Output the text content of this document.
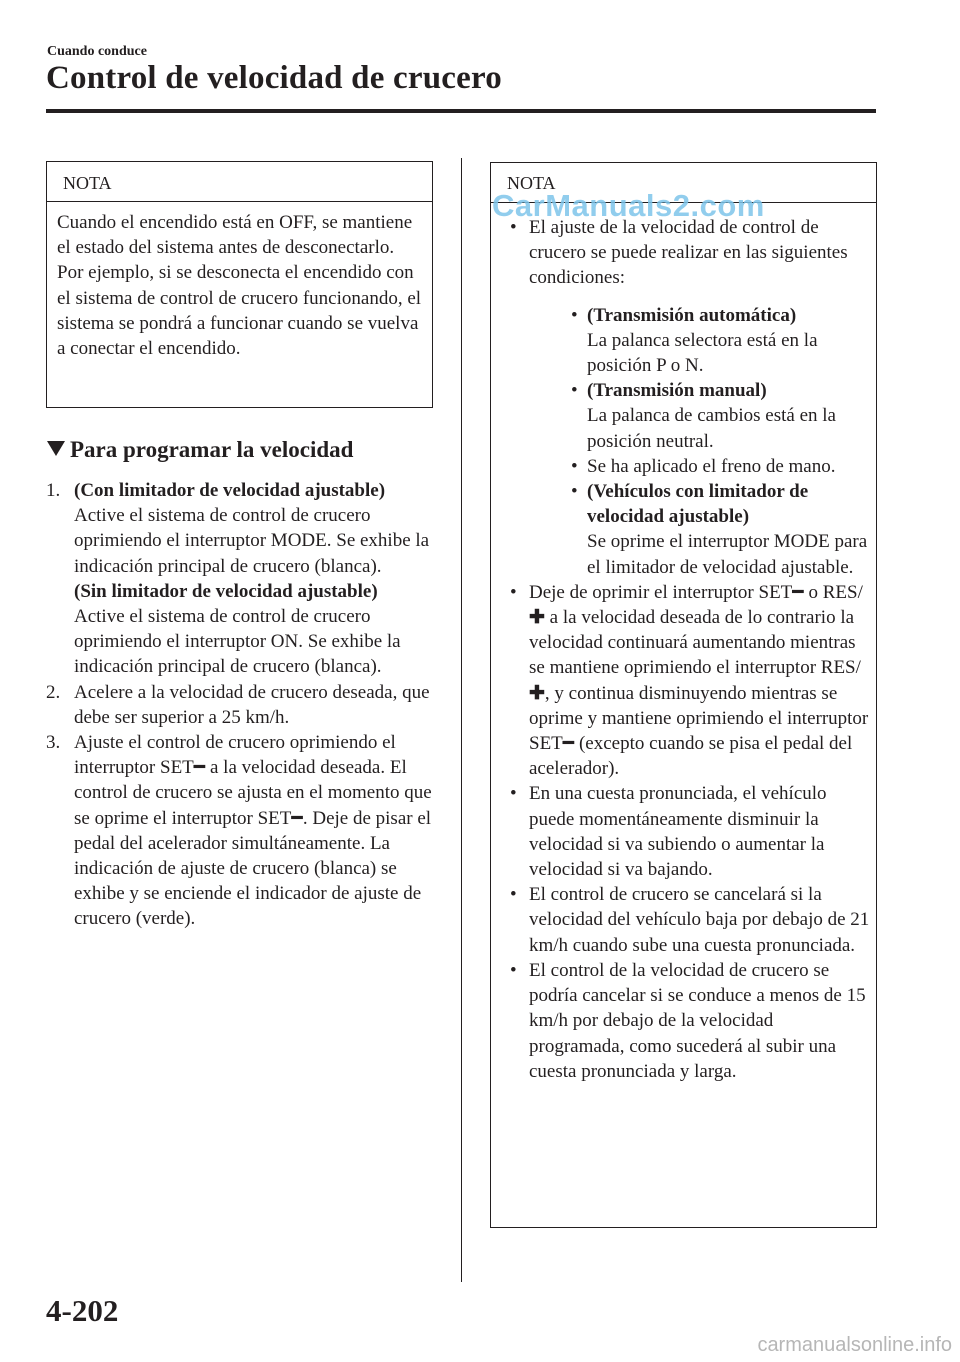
Cuando conduce
Control de velocidad de crucero
NOTA
Cuando el encendido está en OFF, se mantiene el estado del sistema antes de desconectarlo. Por ejemplo, si se desconecta el encendido con el sistema de control de crucero funcionando, el sistema se pondrá a funcionar cuando se vuelva a conectar el encendido.
Para programar la velocidad
1. (Con limitador de velocidad ajustable)
Active el sistema de control de crucero oprimiendo el interruptor MODE. Se exhibe la indicación principal de crucero (blanca).
(Sin limitador de velocidad ajustable)
Active el sistema de control de crucero oprimiendo el interruptor ON. Se exhibe la indicación principal de crucero (blanca).
2. Acelere a la velocidad de crucero deseada, que debe ser superior a 25 km/h.
3. Ajuste el control de crucero oprimiendo el interruptor SET━ a la velocidad deseada. El control de crucero se ajusta en el momento que se oprime el interruptor SET━. Deje de pisar el pedal del acelerador simultáneamente. La indicación de ajuste de crucero (blanca) se exhibe y se enciende el indicador de ajuste de crucero (verde).
NOTA
• El ajuste de la velocidad de control de crucero se puede realizar en las siguientes condiciones:
• (Transmisión automática)
La palanca selectora está en la posición P o N.
• (Transmisión manual)
La palanca de cambios está en la posición neutral.
• Se ha aplicado el freno de mano.
• (Vehículos con limitador de velocidad ajustable)
Se oprime el interruptor MODE para el limitador de velocidad ajustable.
• Deje de oprimir el interruptor SET━ o RES/✚ a la velocidad deseada de lo contrario la velocidad continuará aumentando mientras se mantiene oprimiendo el interruptor RES/✚, y continua disminuyendo mientras se oprime y mantiene oprimiendo el interruptor SET━ (excepto cuando se pisa el pedal del acelerador).
• En una cuesta pronunciada, el vehículo puede momentáneamente disminuir la velocidad si va subiendo o aumentar la velocidad si va bajando.
• El control de crucero se cancelará si la velocidad del vehículo baja por debajo de 21 km/h cuando sube una cuesta pronunciada.
• El control de la velocidad de crucero se podría cancelar si se conduce a menos de 15 km/h por debajo de la velocidad programada, como sucederá al subir una cuesta pronunciada y larga.
CarManuals2.com
4-202
carmanualsonline.info
